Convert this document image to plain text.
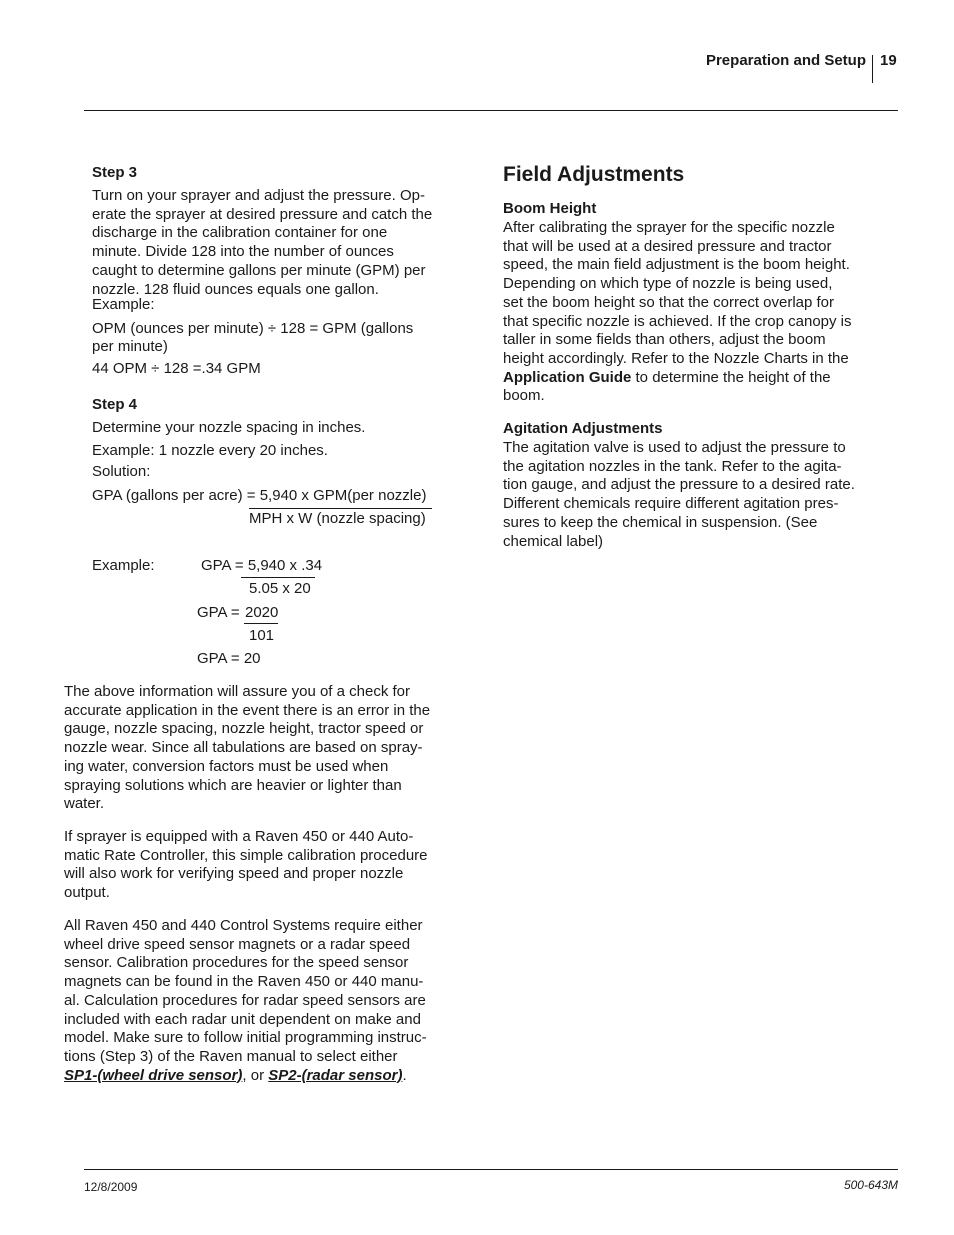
Preparation and Setup 19
Step 3
Turn on your sprayer and adjust the pressure. Op-
erate the sprayer at desired pressure and catch the
discharge in the calibration container for one
minute. Divide 128 into the number of ounces
caught to determine gallons per minute (GPM) per
nozzle. 128 fluid ounces equals one gallon.
Example:
OPM (ounces per minute) ÷ 128 = GPM (gallons
per minute)
44 OPM ÷ 128 =.34 GPM
Step 4
Determine your nozzle spacing in inches.
Example: 1 nozzle every 20 inches.
Solution:
GPA (gallons per acre) = 5,940 x GPM(per nozzle)
MPH x W (nozzle spacing)
Example:	GPA = 5,940 x .34
5.05 x 20
GPA = 2020
101
GPA = 20
The above information will assure you of a check for
accurate application in the event there is an error in the
gauge, nozzle spacing, nozzle height, tractor speed or
nozzle wear. Since all tabulations are based on spray-
ing water, conversion factors must be used when
spraying solutions which are heavier or lighter than
water.
If sprayer is equipped with a Raven 450 or 440 Auto-
matic Rate Controller, this simple calibration procedure
will also work for verifying speed and proper nozzle
output.
All Raven 450 and 440 Control Systems require either
wheel drive speed sensor magnets or a radar speed
sensor. Calibration procedures for the speed sensor
magnets can be found in the Raven 450 or 440 manu-
al. Calculation procedures for radar speed sensors are
included with each radar unit dependent on make and
model. Make sure to follow initial programming instruc-
tions (Step 3) of the Raven manual to select either
SP1-(wheel drive sensor), or SP2-(radar sensor).
Field Adjustments
Boom Height
After calibrating the sprayer for the specific nozzle
that will be used at a desired pressure and tractor
speed, the main field adjustment is the boom height.
Depending on which type of nozzle is being used,
set the boom height so that the correct overlap for
that specific nozzle is achieved. If the crop canopy is
taller in some fields than others, adjust the boom
height accordingly. Refer to the Nozzle Charts in the
Application Guide to determine the height of the
boom.
Agitation Adjustments
The agitation valve is used to adjust the pressure to
the agitation nozzles in the tank. Refer to the agita-
tion gauge, and adjust the pressure to a desired rate.
Different chemicals require different agitation pres-
sures to keep the chemical in suspension. (See
chemical label)
12/8/2009	500-643M
